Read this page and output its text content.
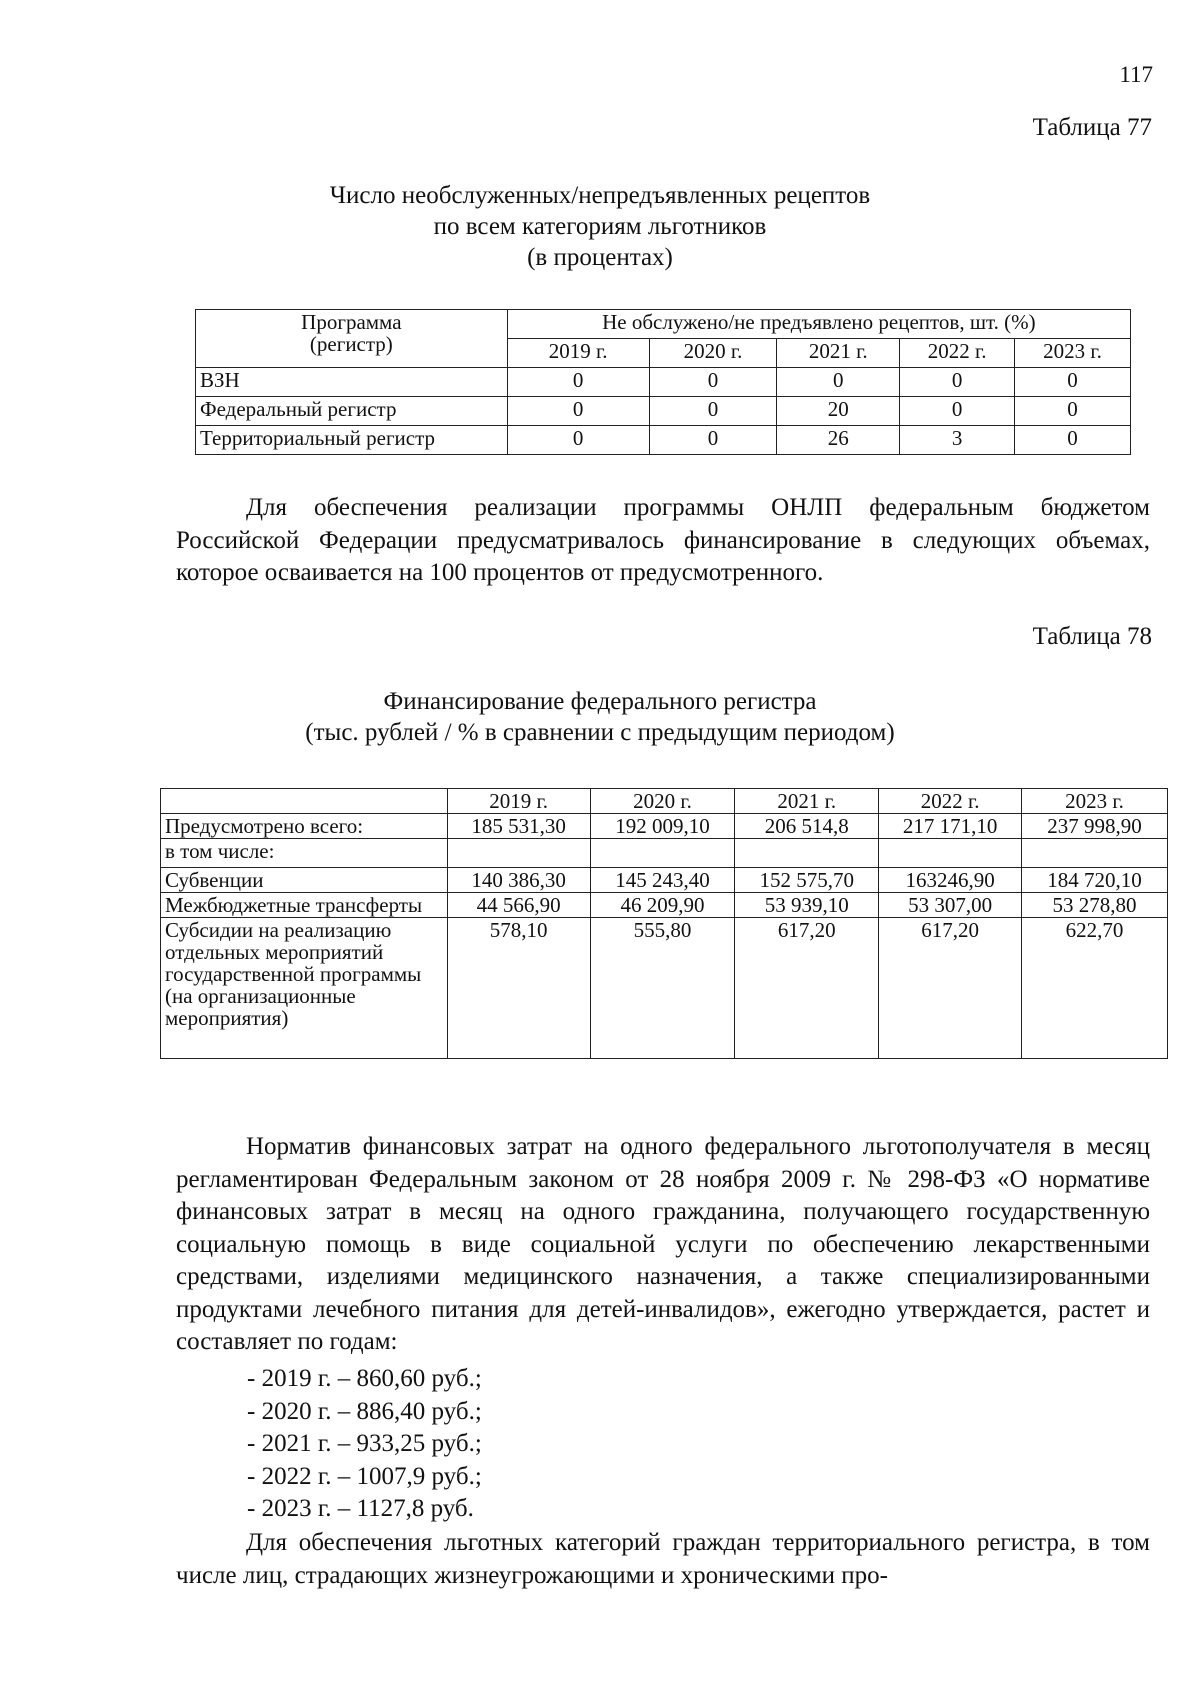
117
Таблица 77
Число необслуженных/непредъявленных рецептов
по всем категориям льготников
(в процентах)
Программа
(регистр)	Не обслужено/не предъявлено рецептов, шт. (%)				
	2019 г.	2020 г.	2021 г.	2022 г.	2023 г.
ВЗН	0	0	0	0	0
Федеральный регистр	0	0	20	0	0
Территориальный регистр	0	0	26	3	0
Для обеспечения реализации программы ОНЛП федеральным бюджетом Российской Федерации предусматривалось финансирование в следующих объемах, которое осваивается на 100 процентов от предусмотренного.
Таблица 78
Финансирование федерального регистра
(тыс. рублей / % в сравнении с предыдущим периодом)
	2019 г.	2020 г.	2021 г.	2022 г.	2023 г.
Предусмотрено всего:	185 531,30	192 009,10	206 514,8	217 171,10	237 998,90
в том числе:					
Субвенции	140 386,30	145 243,40	152 575,70	163246,90	184 720,10
Межбюджетные трансферты	44 566,90	46 209,90	53 939,10	53 307,00	53 278,80
Субсидии на реализацию отдельных мероприятий государственной программы (на организационные мероприятия)	578,10	555,80	617,20	617,20	622,70
Норматив финансовых затрат на одного федерального льготополучателя в месяц регламентирован Федеральным законом от 28 ноября 2009 г. № 298-ФЗ «О нормативе финансовых затрат в месяц на одного гражданина, получающего государственную социальную помощь в виде социальной услуги по обеспечению лекарственными средствами, изделиями медицинского назначения, а также специализированными продуктами лечебного питания для детей-инвалидов», ежегодно утверждается, растет и составляет по годам:
- 2019 г. – 860,60 руб.;
- 2020 г. – 886,40 руб.;
- 2021 г. – 933,25 руб.;
- 2022 г. – 1007,9 руб.;
- 2023 г. – 1127,8 руб.
Для обеспечения льготных категорий граждан территориального регистра, в том числе лиц, страдающих жизнеугрожающими и хроническими про-
